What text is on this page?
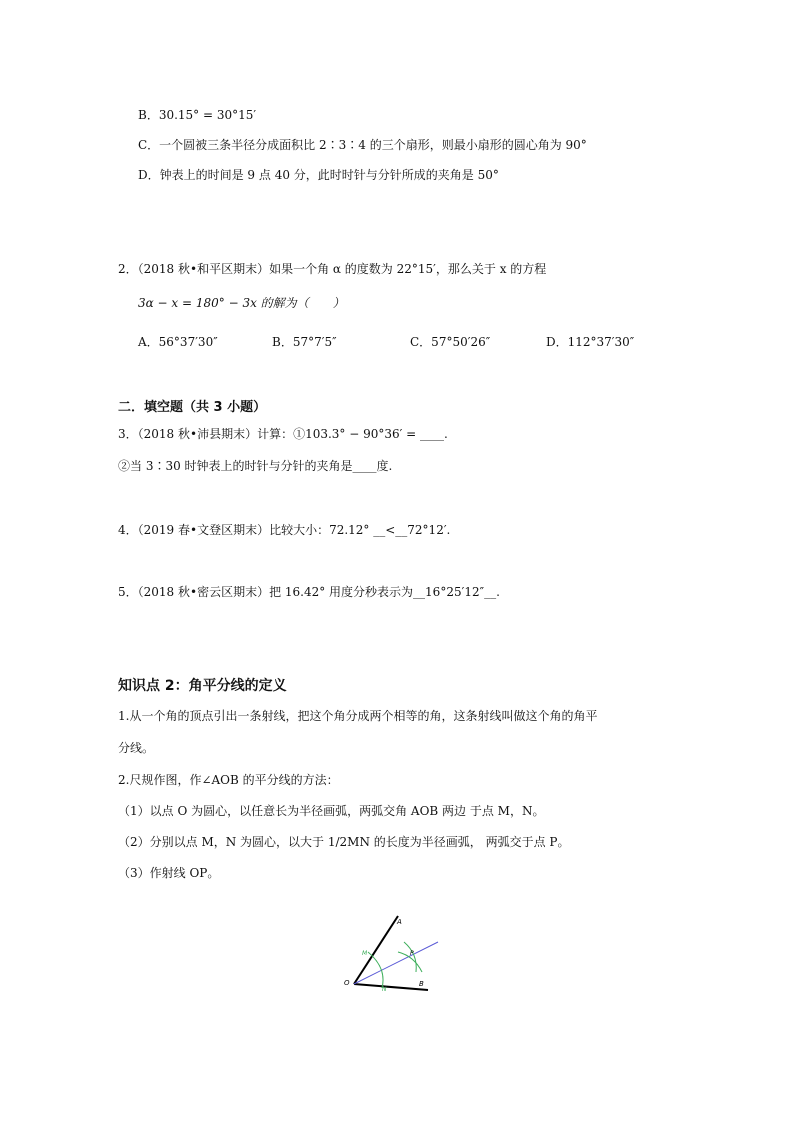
B．30.15° = 30°15′
C．一个圆被三条半径分成面积比 2∶3∶4 的三个扇形，则最小扇形的圆心角为 90°
D．钟表上的时间是 9 点 40 分，此时时针与分针所成的夹角是 50°
2．（2018 秋•和平区期末）如果一个角 α 的度数为 22°15′，那么关于 x 的方程
3α − x = 180° − 3x 的解为（　　）
A．56°37′30″	B．57°7′5″	C．57°50′26″	D．112°37′30″
二．填空题（共 3 小题）
3．（2018 秋•沛县期末）计算：①103.3° − 90°36′ = ____.
②当 3∶30 时钟表上的时针与分针的夹角是____度.
4．（2019 春•文登区期末）比较大小：72.12° __<__72°12′.
5．（2018 秋•密云区期末）把 16.42° 用度分秒表示为__16°25′12″__.
知识点 2：角平分线的定义
1.从一个角的顶点引出一条射线，把这个角分成两个相等的角，这条射线叫做这个角的角平
分线。
2.尺规作图，作∠AOB 的平分线的方法：
（1）以点 O 为圆心，以任意长为半径画弧，两弧交角 AOB 两边 于点 M，N。
（2）分别以点 M，N 为圆心，以大于 1/2MN 的长度为半径画弧， 两弧交于点 P。
（3）作射线 OP。
A
B
O
M
N
P
